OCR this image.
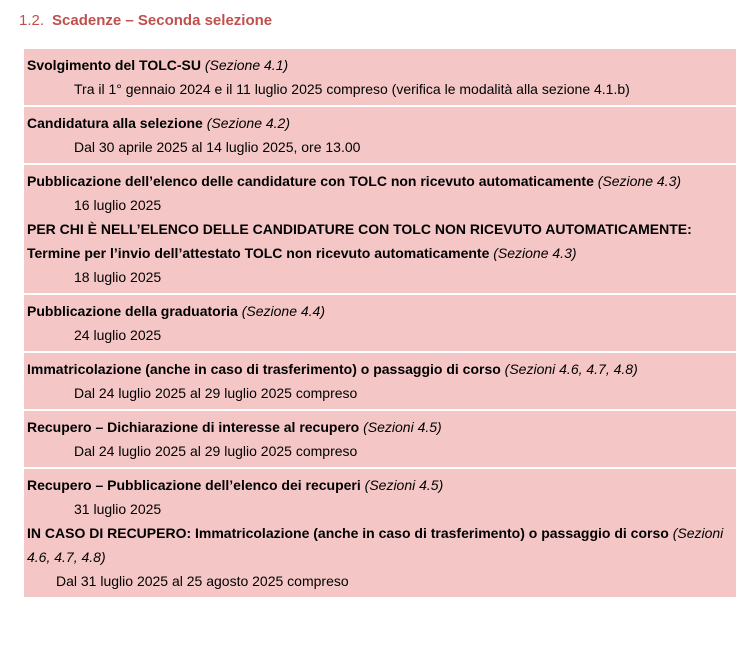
1.2. Scadenze – Seconda selezione
Svolgimento del TOLC-SU (Sezione 4.1)
Tra il 1° gennaio 2024 e il 11 luglio 2025 compreso (verifica le modalità alla sezione 4.1.b)
Candidatura alla selezione (Sezione 4.2)
Dal 30 aprile 2025 al 14 luglio 2025, ore 13.00
Pubblicazione dell’elenco delle candidature con TOLC non ricevuto automaticamente (Sezione 4.3)
16 luglio 2025
PER CHI È NELL’ELENCO DELLE CANDIDATURE CON TOLC NON RICEVUTO AUTOMATICAMENTE:
Termine per l’invio dell’attestato TOLC non ricevuto automaticamente (Sezione 4.3)
18 luglio 2025
Pubblicazione della graduatoria (Sezione 4.4)
24 luglio 2025
Immatricolazione (anche in caso di trasferimento) o passaggio di corso (Sezioni 4.6, 4.7, 4.8)
Dal 24 luglio 2025 al 29 luglio 2025 compreso
Recupero – Dichiarazione di interesse al recupero (Sezioni 4.5)
Dal 24 luglio 2025 al 29 luglio 2025 compreso
Recupero – Pubblicazione dell’elenco dei recuperi (Sezioni 4.5)
31 luglio 2025
IN CASO DI RECUPERO: Immatricolazione (anche in caso di trasferimento) o passaggio di corso (Sezioni 4.6, 4.7, 4.8)
Dal 31 luglio 2025 al 25 agosto 2025 compreso
